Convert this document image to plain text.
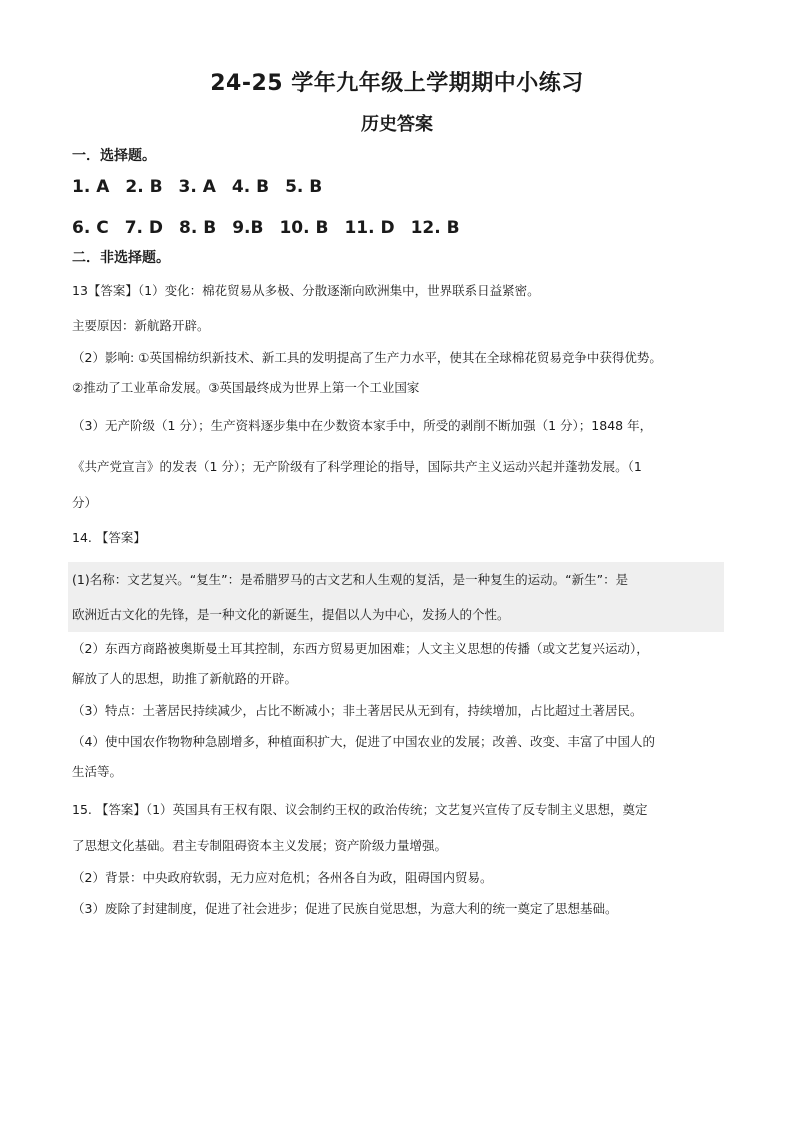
24-25 学年九年级上学期期中小练习
历史答案
一．选择题。
1. A 2. B 3. A 4. B 5. B
6. C 7. D 8. B 9.B 10. B 11. D 12. B
二．非选择题。
13【答案】（1）变化：棉花贸易从多极、分散逐渐向欧洲集中，世界联系日益紧密。
主要原因：新航路开辟。
（2）影响: ①英国棉纺织新技术、新工具的发明提高了生产力水平，使其在全球棉花贸易竞争中获得优势。
②推动了工业革命发展。③英国最终成为世界上第一个工业国家
（3）无产阶级（1 分）；生产资料逐步集中在少数资本家手中，所受的剥削不断加强（1 分）；1848 年，
《共产党宣言》的发表（1 分）；无产阶级有了科学理论的指导，国际共产主义运动兴起并蓬勃发展。（1
分）
14. 【答案】
(1)名称：文艺复兴。“复生”：是希腊罗马的古文艺和人生观的复活，是一种复生的运动。“新生”：是
欧洲近古文化的先锋，是一种文化的新诞生，提倡以人为中心，发扬人的个性。
（2）东西方商路被奥斯曼土耳其控制，东西方贸易更加困难；人文主义思想的传播（或文艺复兴运动），
解放了人的思想，助推了新航路的开辟。
（3）特点：土著居民持续减少，占比不断减小；非土著居民从无到有，持续增加，占比超过土著居民。
（4）使中国农作物物种急剧增多，种植面积扩大，促进了中国农业的发展；改善、改变、丰富了中国人的
生活等。
15. 【答案】（1）英国具有王权有限、议会制约王权的政治传统；文艺复兴宣传了反专制主义思想，奠定
了思想文化基础。君主专制阻碍资本主义发展；资产阶级力量增强。
（2）背景：中央政府软弱，无力应对危机；各州各自为政，阻碍国内贸易。
（3）废除了封建制度，促进了社会进步；促进了民族自觉思想，为意大利的统一奠定了思想基础。
